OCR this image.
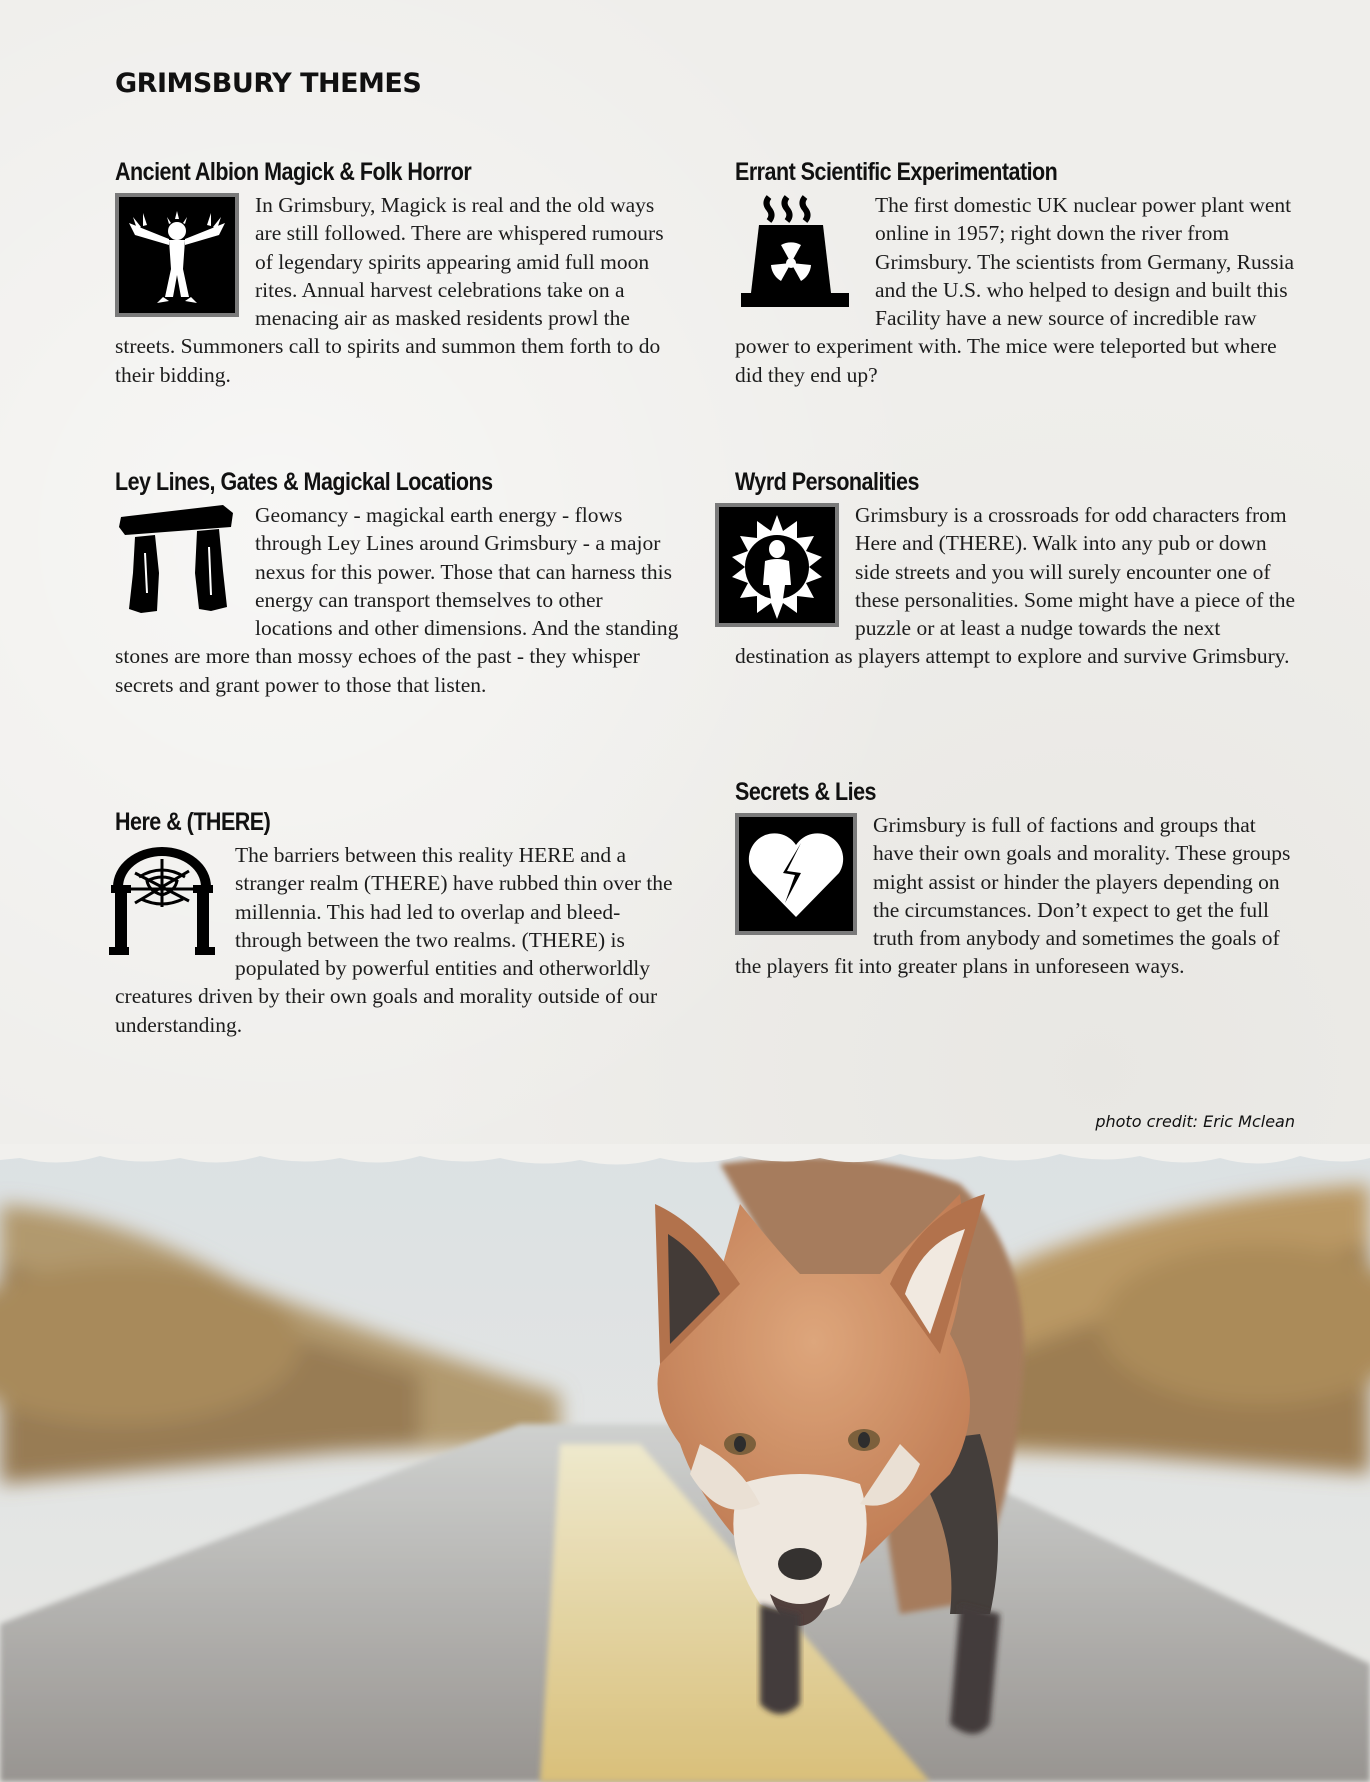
GRIMSBURY THEMES
Ancient Albion Magick & Folk Horror

In Grimsbury, Magick is real and the old ways are still followed. There are whispered rumours of legendary spirits appearing amid full moon rites. Annual harvest celebrations take on a menacing air as masked residents prowl the streets. Summoners call to spirits and summon them forth to do their bidding.

Errant Scientific Experimentation

The first domestic UK nuclear power plant went online in 1957; right down the river from Grimsbury. The scientists from Germany, Russia and the U.S. who helped to design and built this Facility have a new source of incredible raw power to experiment with. The mice were teleported but where did they end up?

Ley Lines, Gates & Magickal Locations

Geomancy - magickal earth energy - flows through Ley Lines around Grimsbury - a major nexus for this power. Those that can harness this energy can transport themselves to other locations and other dimensions. And the standing stones are more than mossy echoes of the past - they whisper secrets and grant power to those that listen.

Wyrd Personalities

Grimsbury is a crossroads for odd characters from Here and (THERE). Walk into any pub or down side streets and you will surely encounter one of these personalities. Some might have a piece of the puzzle or at least a nudge towards the next destination as players attempt to explore and survive Grimsbury.

Here & (THERE)

The barriers between this reality HERE and a stranger realm (THERE) have rubbed thin over the millennia. This had led to overlap and bleed-through between the two realms. (THERE) is populated by powerful entities and otherworldly creatures driven by their own goals and morality outside of our understanding.

Secrets & Lies

Grimsbury is full of factions and groups that have their own goals and morality. These groups might assist or hinder the players depending on the circumstances. Don’t expect to get the full truth from anybody and sometimes the goals of the players fit into greater plans in unforeseen ways.

photo credit: Eric Mclean
